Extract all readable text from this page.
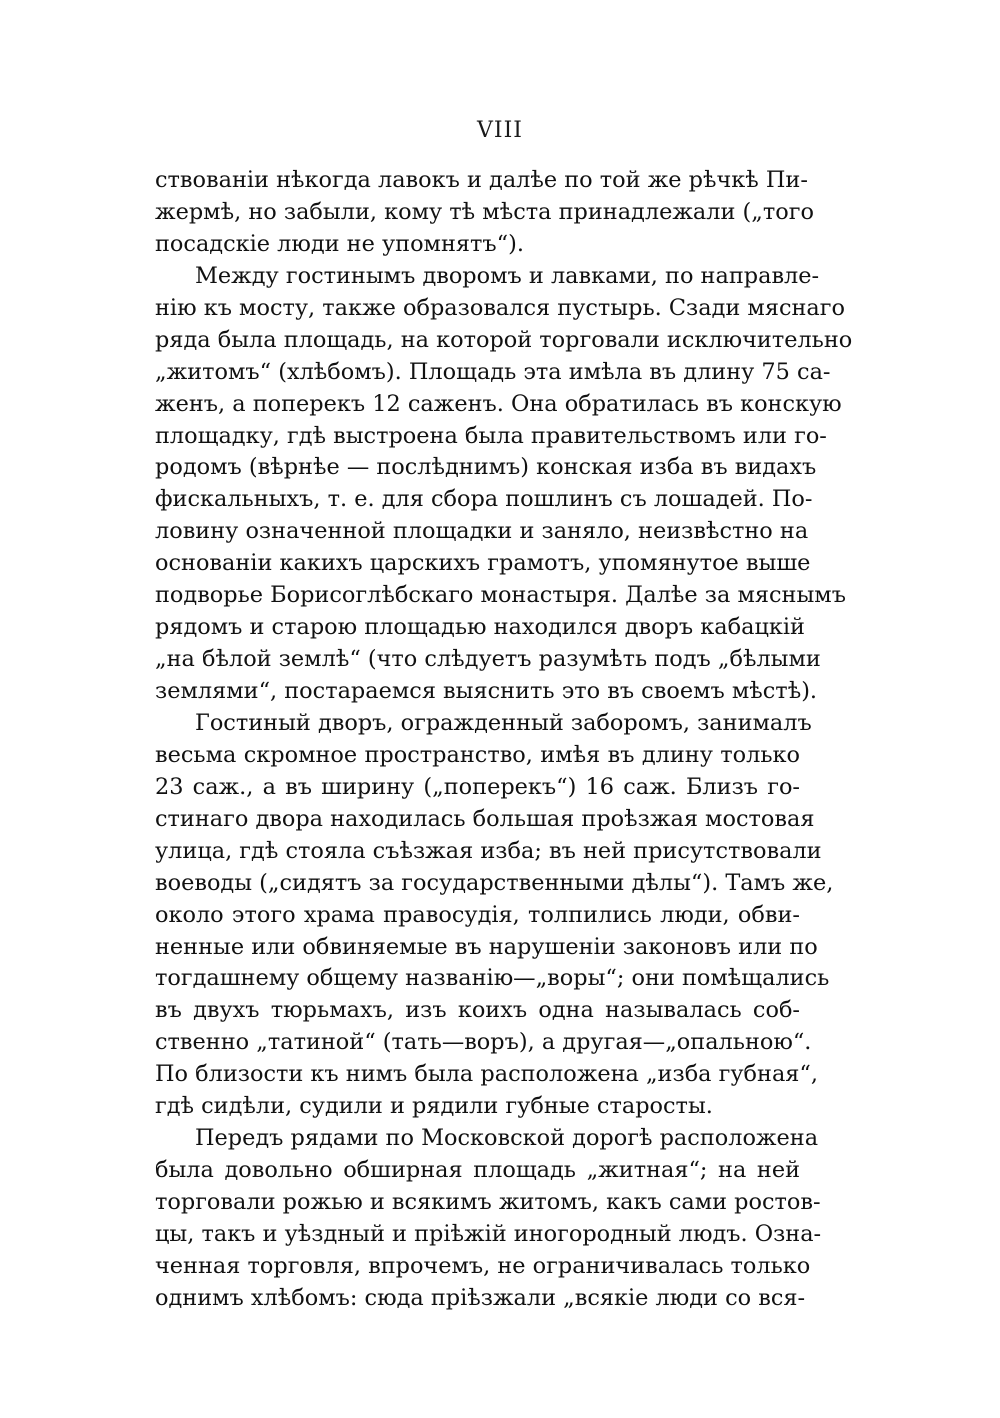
VIII
ствованіи нѣкогда лавокъ и далѣе по той же рѣчкѣ Пи-
жермѣ, но забыли, кому тѣ мѣста принадлежали („того
посадскіе люди не упомнятъ“).
Между гостинымъ дворомъ и лавками, по направле-
нію къ мосту, также образовался пустырь. Сзади мяснаго
ряда была площадь, на которой торговали исключительно
„житомъ“ (хлѣбомъ). Площадь эта имѣла въ длину 75 са-
женъ, а поперекъ 12 саженъ. Она обратилась въ конскую
площадку, гдѣ выстроена была правительствомъ или го-
родомъ (вѣрнѣе — послѣднимъ) конская изба въ видахъ
фискальныхъ, т. е. для сбора пошлинъ съ лошадей. По-
ловину означенной площадки и заняло, неизвѣстно на
основаніи какихъ царскихъ грамотъ, упомянутое выше
подворье Борисоглѣбскаго монастыря. Далѣе за мяснымъ
рядомъ и старою площадью находился дворъ кабацкій
„на бѣлой землѣ“ (что слѣдуетъ разумѣть подъ „бѣлыми
землями“, постараемся выяснить это въ своемъ мѣстѣ).
Гостиный дворъ, огражденный заборомъ, занималъ
весьма скромное пространство, имѣя въ длину только
23 саж., а въ ширину („поперекъ“) 16 саж. Близъ го-
стинаго двора находилась большая проѣзжая мостовая
улица, гдѣ стояла съѣзжая изба; въ ней присутствовали
воеводы („сидятъ за государственными дѣлы“). Тамъ же,
около этого храма правосудія, толпились люди, обви-
ненные или обвиняемые въ нарушеніи законовъ или по
тогдашнему общему названію—„воры“; они помѣщались
въ двухъ тюрьмахъ, изъ коихъ одна называлась соб-
ственно „татиной“ (тать—воръ), а другая—„опальною“.
По близости къ нимъ была расположена „изба губная“,
гдѣ сидѣли, судили и рядили губные старосты.
Передъ рядами по Московской дорогѣ расположена
была довольно обширная площадь „житная“; на ней
торговали рожью и всякимъ житомъ, какъ сами ростов-
цы, такъ и уѣздный и пріѣжій иногородный людъ. Озна-
ченная торговля, впрочемъ, не ограничивалась только
однимъ хлѣбомъ: сюда пріѣзжали „всякіе люди со вся-
